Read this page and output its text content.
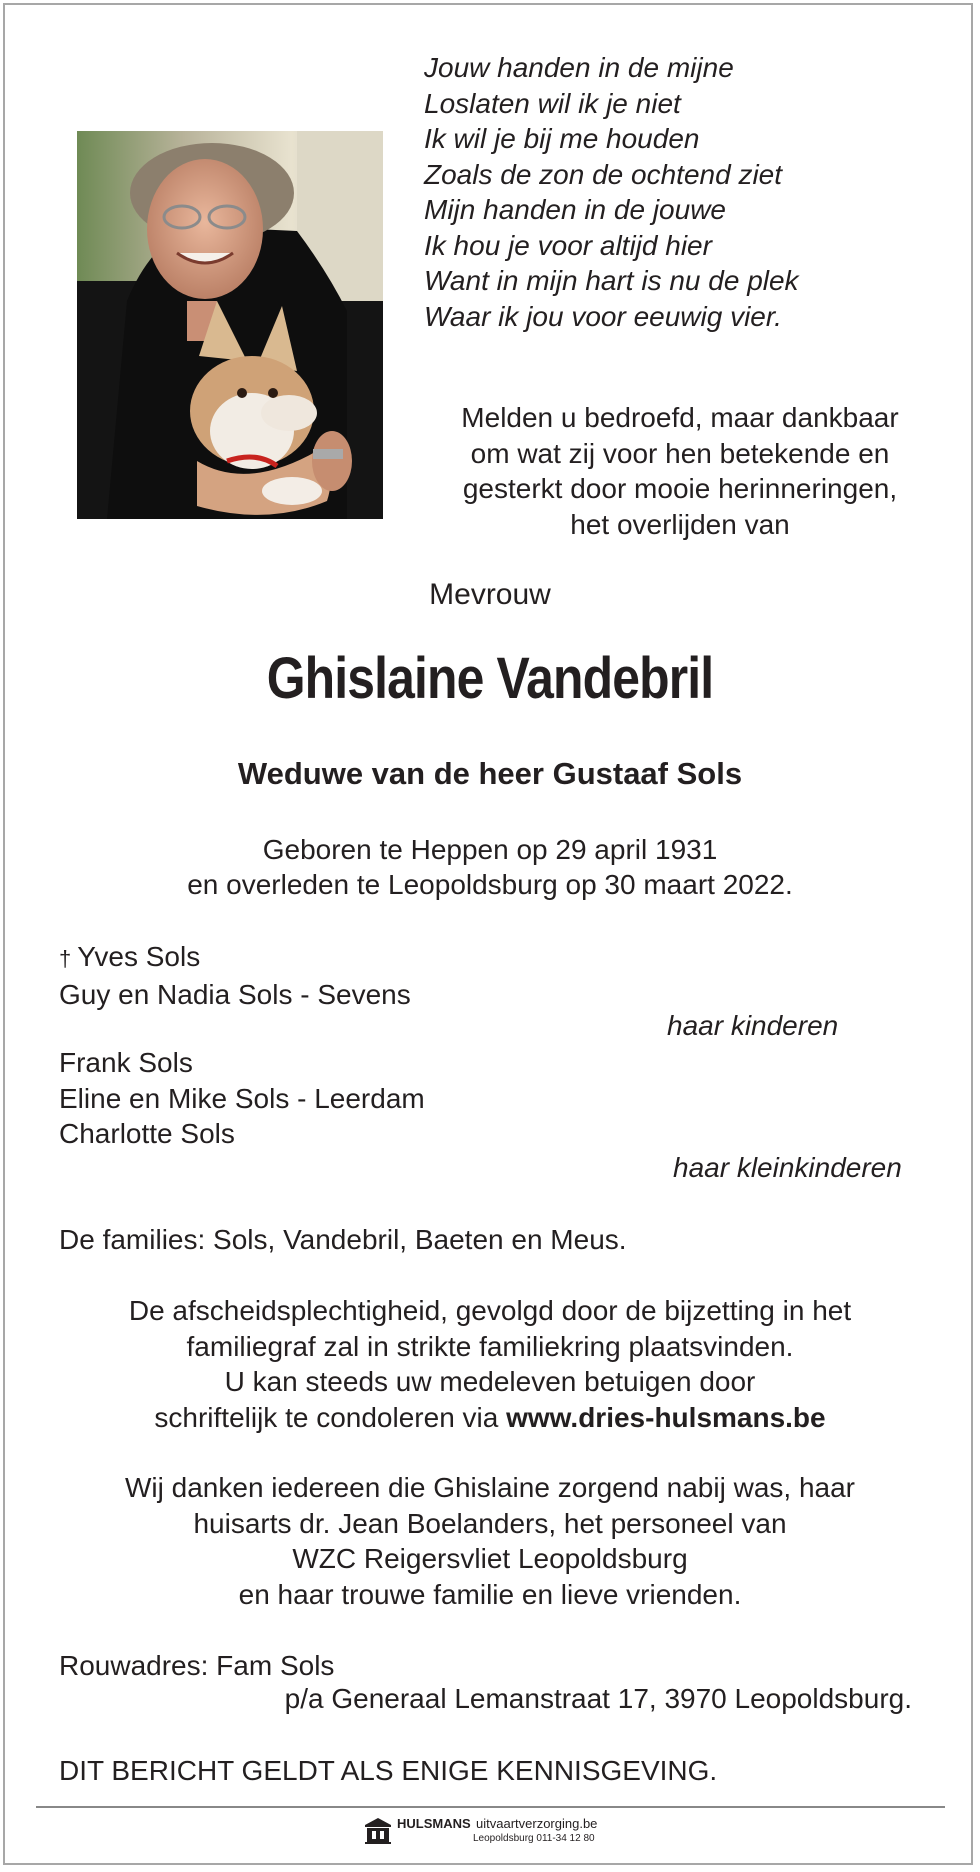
Jouw handen in de mijne
Loslaten wil ik je niet
Ik wil je bij me houden
Zoals de zon de ochtend ziet
Mijn handen in de jouwe
Ik hou je voor altijd hier
Want in mijn hart is nu de plek
Waar ik jou voor eeuwig vier.
Melden u bedroefd, maar dankbaar
om wat zij voor hen betekende en
gesterkt door mooie herinneringen,
het overlijden van
Mevrouw
Ghislaine Vandebril
Weduwe van de heer Gustaaf Sols
Geboren te Heppen op 29 april 1931
en overleden te Leopoldsburg op 30 maart 2022.
† Yves Sols
Guy en Nadia Sols - Sevens
haar kinderen
Frank Sols
Eline en Mike Sols - Leerdam
Charlotte Sols
haar kleinkinderen
De families: Sols, Vandebril, Baeten en Meus.
De afscheidsplechtigheid, gevolgd door de bijzetting in het
familiegraf zal in strikte familiekring plaatsvinden.
U kan steeds uw medeleven betuigen door
schriftelijk te condoleren via www.dries-hulsmans.be
Wij danken iedereen die Ghislaine zorgend nabij was, haar
huisarts dr. Jean Boelanders, het personeel van
WZC Reigersvliet Leopoldsburg
en haar trouwe familie en lieve vrienden.
Rouwadres: Fam Sols
p/a Generaal Lemanstraat 17, 3970 Leopoldsburg.
DIT BERICHT GELDT ALS ENIGE KENNISGEVING.
HULSMANS uitvaartverzorging.be
Leopoldsburg 011-34 12 80
